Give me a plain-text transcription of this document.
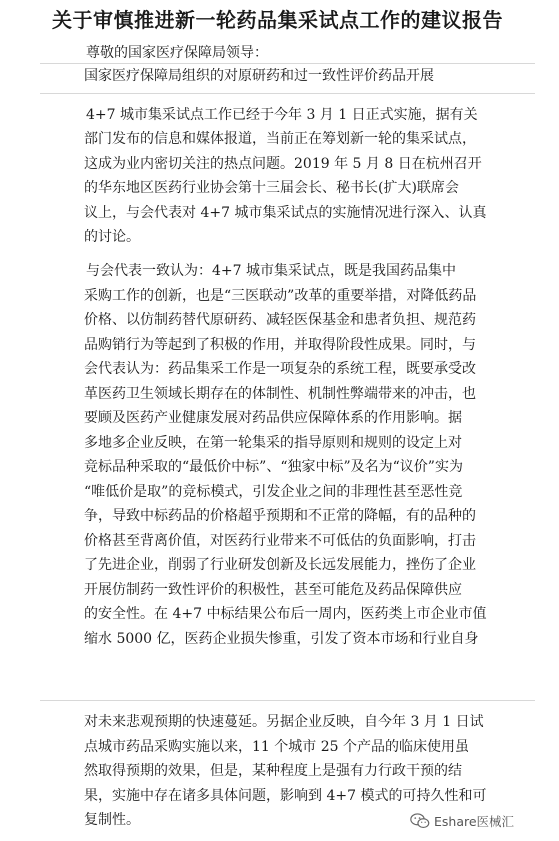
关于审慎推进新一轮药品集采试点工作的建议报告
尊敬的国家医疗保障局领导：
国家医疗保障局组织的对原研药和过一致性评价药品开展
4+7 城市集采试点工作已经于今年 3 月 1 日正式实施，据有关
部门发布的信息和媒体报道，当前正在筹划新一轮的集采试点，
这成为业内密切关注的热点问题。2019 年 5 月 8 日在杭州召开
的华东地区医药行业协会第十三届会长、秘书长(扩大)联席会
议上，与会代表对 4+7 城市集采试点的实施情况进行深入、认真
的讨论。
与会代表一致认为：4+7 城市集采试点，既是我国药品集中
采购工作的创新，也是“三医联动”改革的重要举措，对降低药品
价格、以仿制药替代原研药、减轻医保基金和患者负担、规范药
品购销行为等起到了积极的作用，并取得阶段性成果。同时，与
会代表认为：药品集采工作是一项复杂的系统工程，既要承受改
革医药卫生领域长期存在的体制性、机制性弊端带来的冲击，也
要顾及医药产业健康发展对药品供应保障体系的作用影响。据
多地多企业反映，在第一轮集采的指导原则和规则的设定上对
竞标品种采取的“最低价中标”、“独家中标”及名为“议价”实为
“唯低价是取”的竞标模式，引发企业之间的非理性甚至恶性竞
争，导致中标药品的价格超乎预期和不正常的降幅，有的品种的
价格甚至背离价值，对医药行业带来不可低估的负面影响，打击
了先进企业，削弱了行业研发创新及长远发展能力，挫伤了企业
开展仿制药一致性评价的积极性，甚至可能危及药品保障供应
的安全性。在 4+7 中标结果公布后一周内，医药类上市企业市值
缩水 5000 亿，医药企业损失惨重，引发了资本市场和行业自身
对未来悲观预期的快速蔓延。另据企业反映，自今年 3 月 1 日试
点城市药品采购实施以来，11 个城市 25 个产品的临床使用虽
然取得预期的效果，但是，某种程度上是强有力行政干预的结
果，实施中存在诸多具体问题，影响到 4+7 模式的可持久性和可
复制性。	Eshare医械汇
